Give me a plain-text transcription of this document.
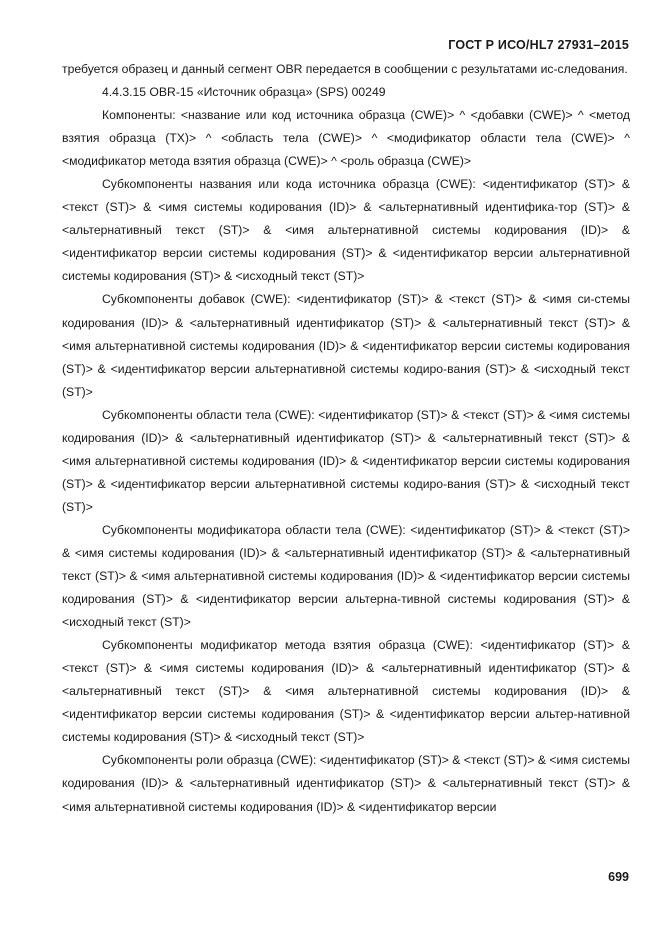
ГОСТ Р ИСО/HL7 27931–2015

требуется образец и данный сегмент OBR передается в сообщении с результатами ис-следования.

4.4.3.15 OBR-15 «Источник образца» (SPS) 00249

Компоненты: <название или код источника образца (CWE)> ^ <добавки (CWE)> ^ <метод взятия образца (TX)> ^ <область тела (CWE)> ^ <модификатор области тела (CWE)> ^ <модификатор метода взятия образца (CWE)> ^ <роль образца (CWE)>

Субкомпоненты названия или кода источника образца (CWE): <идентификатор (ST)> & <текст (ST)> & <имя системы кодирования (ID)> & <альтернативный идентифика-тор (ST)> & <альтернативный текст (ST)> & <имя альтернативной системы кодирования (ID)> & <идентификатор версии системы кодирования (ST)> & <идентификатор версии альтернативной системы кодирования (ST)> & <исходный текст (ST)>

Субкомпоненты добавок (CWE): <идентификатор (ST)> & <текст (ST)> & <имя си-стемы кодирования (ID)> & <альтернативный идентификатор (ST)> & <альтернативный текст (ST)> & <имя альтернативной системы кодирования (ID)> & <идентификатор версии системы кодирования (ST)> & <идентификатор версии альтернативной системы кодиро-вания (ST)> & <исходный текст (ST)>

Субкомпоненты области тела (CWE): <идентификатор (ST)> & <текст (ST)> & <имя системы кодирования (ID)> & <альтернативный идентификатор (ST)> & <альтернативный текст (ST)> & <имя альтернативной системы кодирования (ID)> & <идентификатор версии системы кодирования (ST)> & <идентификатор версии альтернативной системы кодиро-вания (ST)> & <исходный текст (ST)>

Субкомпоненты модификатора области тела (CWE): <идентификатор (ST)> & <текст (ST)> & <имя системы кодирования (ID)> & <альтернативный идентификатор (ST)> & <альтернативный текст (ST)> & <имя альтернативной системы кодирования (ID)> & <идентификатор версии системы кодирования (ST)> & <идентификатор версии альтерна-тивной системы кодирования (ST)> & <исходный текст (ST)>

Субкомпоненты модификатор метода взятия образца (CWE): <идентификатор (ST)> & <текст (ST)> & <имя системы кодирования (ID)> & <альтернативный идентификатор (ST)> & <альтернативный текст (ST)> & <имя альтернативной системы кодирования (ID)> & <идентификатор версии системы кодирования (ST)> & <идентификатор версии альтер-нативной системы кодирования (ST)> & <исходный текст (ST)>

Субкомпоненты роли образца (CWE): <идентификатор (ST)> & <текст (ST)> & <имя системы кодирования (ID)> & <альтернативный идентификатор (ST)> & <альтернативный текст (ST)> & <имя альтернативной системы кодирования (ID)> & <идентификатор версии

699
